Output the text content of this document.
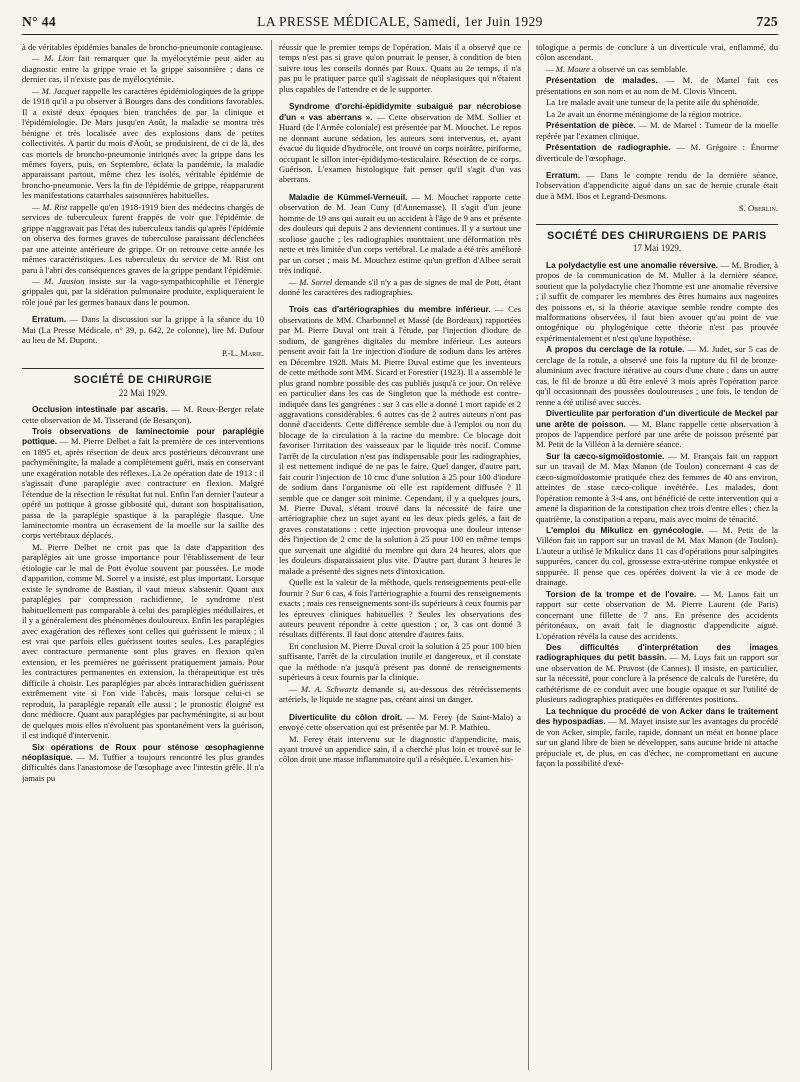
N° 44	LA PRESSE MÉDICALE, Samedi, 1er Juin 1929	725

à de véritables épidémies banales de broncho-pneumonie contagieuse.

— M. Lion fait remarquer que la myélocytémie peut aider au diagnostic entre la grippe vraie et la grippe saisonnière ; dans ce dernier cas, il n'existe pas de myélocytémie.

— M. Jacquet rappelle les caractères épidémiologiques de la grippe de 1918 qu'il a pu observer à Bourges dans des conditions favorables. Il a existé deux époques bien tranchées de par la clinique et l'épidémiologie. De Mars jusqu'en Août, la maladie se montra très bénigne et très localisée avec des explosions dans de petites collectivités. A partir du mois d'Août, se produisirent, de ci de là, des cas mortels de broncho-pneumonie intriqués avec la grippe dans les mêmes foyers, puis, en Septembre, éclata la pandémie, la maladie apparaissant partout, même chez les isolés, véritable épidémie de broncho-pneumonie. Vers la fin de l'épidémie de grippe, réapparurent les manifestations catarrhales saisonnières habituelles.

— M. Rist rappelle qu'en 1918-1919 bien des médecins chargés de services de tuberculeux furent frappés de voir que l'épidémie de grippe n'aggravait pas l'état des tuberculeux tandis qu'après l'épidémie on observa des formes graves de tuberculose paraissant déclenchées par une atteinte antérieure de grippe. Or on retrouve cette année les mêmes caractéristiques. Les tuberculeux du service de M. Rist ont paru à l'abri des conséquences graves de la grippe pendant l'épidémie.

— M. Jausion insiste sur la vago-sympathicophilie et l'énergie grippales qui, par la sidération pulmonaire produite, expliqueraient le rôle joué par les germes banaux dans le poumon.

Erratum. — Dans la discussion sur la grippe à la séance du 10 Mai (La Presse Médicale, n° 39, p. 642, 2e colonne), lire M. Dufour au lieu de M. Dupont.

P.-L. Marie.
SOCIÉTÉ DE CHIRURGIE
22 Mai 1929.

Occlusion intestinale par ascaris. — M. Roux-Berger relate cette observation de M. Tisserand (de Besançon).

Trois observations de laminectomie pour paraplégie pottique. — M. Pierre Delbet a fait la première de ces interventions en 1895 et, après résection de deux arcs postérieurs découvrant une pachyméningite, la malade a complètement guéri, mais en conservant une exagération notable des réflexes. La 2e opération date de 1913 : il s'agissait d'une paraplégie avec contracture en flexion. Malgré l'étendue de la résection le résultat fut nul. Enfin l'an dernier l'auteur a opéré un pottique à grosse gibbosité qui, durant son hospitalisation, passa de la paraplégie spastique à la paraplégie flasque. Une laminectomie montra un écrasement de la moelle sur la saillie des corps vertébraux déplacés.

M. Pierre Delbet ne croit pas que la date d'apparition des paraplégies ait une grosse importance pour l'établissement de leur étiologie car le mal de Pott évolue souvent par poussées. Le mode d'apparition, comme M. Sorrel y a insisté, est plus important. Lorsque existe le syndrome de Bastian, il vaut mieux s'abstenir. Quant aux paraplégies par compression rachidienne, le syndrome n'est habituellement pas comparable à celui des paraplégies médullaires, et il y a généralement des phénomènes douloureux. Enfin les paraplégies avec exagération des réflexes sont celles qui guérissent le mieux ; il est vrai que parfois elles guérissent toutes seules. Les paraplégies avec contracture permanente sont plus graves en flexion qu'en extension, et les premières ne guérissent pratiquement jamais. Pour les contractures permanentes en extension, la thérapeutique est très difficile à choisir. Les paraplégies par abcès intrarachidien guérissent extrêmement vite si l'on vide l'abcès, mais lorsque celui-ci se reproduit, la paraplégie reparaît elle aussi ; le pronostic éloigné est donc médiocre. Quant aux paraplégies par pachyméningite, si au bout de quelques mois elles n'évoluent pas spontanément vers la guérison, il est indiqué d'intervenir.

Six opérations de Roux pour sténose œsophagienne néoplasique. — M. Tuffier a toujours rencontré les plus grandes difficultés dans l'anastomose de l'œsophage avec l'intestin grêle. Il n'a jamais pu

réussir que le premier temps de l'opération. Mais il a observé que ce temps n'est pas si grave qu'on pourrait le penser, à condition de bien suivre tous les conseils donnés par Roux. Quant au 2e temps, il n'a pas pu le pratiquer parce qu'il s'agissait de néoplasiques qui n'étaient plus capables de l'attendre et de le supporter.

Syndrome d'orchi-épididymite subaiguë par nécrobiose d'un « vas aberrans ». — Cette observation de MM. Sollier et Huard (de l'Armée coloniale) est présentée par M. Mouchet. Le repos ne donnant aucune sédation, les auteurs sont intervenus, et, ayant évacué du liquide d'hydrocèle, ont trouvé un corps noirâtre, piriforme, occupant le sillon inter-épididymo-testiculaire. Résection de ce corps. Guérison. L'examen histologique fait penser qu'il s'agit d'un vas aberrans.

Maladie de Kümmel-Verneuil. — M. Mouchet rapporte cette observation de M. Jean Cuny (d'Annemasse). Il s'agit d'un jeune homme de 19 ans qui aurait eu un accident à l'âge de 9 ans et présente des douleurs qui depuis 2 ans deviennent continues. Il y a surtout une scoliose gauche ; les radiographies montraient une déformation très nette et très limitée d'un corps vertébral. Le malade a été très amélioré par un corset ; mais M. Mouchez estime qu'un greffon d'Albee serait très indiqué.

— M. Sorrel demande s'il n'y a pas de signes de mal de Pott, étant donné les caractères des radiographies.

Trois cas d'artériographies du membre inférieur. — Ces observations de MM. Charbonnel et Massé (de Bordeaux) rapportées par M. Pierre Duval ont trait à l'étude, par l'injection d'iodure de sodium, de gangrènes digitales du membre inférieur. Les auteurs pensent avoir fait la 1re injection d'iodure de sodium dans les artères en Décembre 1928. Mais M. Pierre Duval estime que les inventeurs de cette méthode sont MM. Sicard et Forestier (1923). Il a assemblé le plus grand nombre possible des cas publiés jusqu'à ce jour. On relève en particulier dans les cas de Singleton que la méthode est contre-indiquée dans les gangrènes : sur 3 cas elle a donné 1 mort rapide et 2 aggravations considérables. 6 autres cas de 2 autres auteurs n'ont pas donné d'accidents. Cette différence semble due à l'emploi ou non du blocage de la circulation à la racine du membre. Ce blocage doit favoriser l'irritation des vaisseaux par le liquide très nocif. Comme l'arrêt de la circulation n'est pas indispensable pour les radiographies, il est nettement indiqué de ne pas le faire. Quel danger, d'autre part, fait courir l'injection de 10 cmc d'une solution à 25 pour 100 d'iodure de sodium dans l'organisme où elle est rapidement diffusée ? Il semble que ce danger soit minime. Cependant, il y a quelques jours, M. Pierre Duval, s'étant trouvé dans la nécessité de faire une artériographie chez un sujet ayant eu les deux pieds gelés, a fait de graves constatations : cette injection provoqua une douleur intense dès l'injection de 2 cmc de la solution à 25 pour 100 en même temps que survenait une algidité du membre qui dura 24 heures, alors que les douleurs disparaissaient plus vite. D'autre part durant 3 heures le malade a présenté des signes nets d'intoxication.

Quelle est la valeur de la méthode, quels renseignements peut-elle fournir ? Sur 6 cas, 4 fois l'artériographie a fourni des renseignements exacts ; mais ces renseignements sont-ils supérieurs à ceux fournis par les épreuves cliniques habituelles ? Seules les observations des auteurs peuvent répondre à cette question ; or, 3 cas ont donné 3 résultats différents. Il faut donc attendre d'autres faits.

En conclusion M. Pierre Duval croit la solution à 25 pour 100 bien suffisante, l'arrêt de la circulation inutile et dangereux, et il constate que la méthode n'a jusqu'à présent pas donné de renseignements supérieurs à ceux fournis par la clinique.

— M. A. Schwartz demande si, au-dessous des rétrécissements artériels, le liquide ne stagne pas, créant ainsi un danger.

Diverticulite du côlon droit. — M. Ferey (de Saint-Malo) a envoyé cette observation qui est présentée par M. P. Mathieu.

M. Ferey était intervenu sur le diagnostic d'appendicite, mais, ayant trouvé un appendice sain, il a cherché plus loin et trouvé sur le côlon droit une masse inflammatoire qu'il a réséquée. L'examen his-

tologique a permis de conclure à un diverticule vrai, enflammé, du côlon ascendant.

— M. Moure a observé un cas semblable.

Présentation de malades. — M. de Martel fait ces présentations en son nom et au nom de M. Clovis Vincent.

La 1re malade avait une tumeur de la petite aile du sphénoïde.

La 2e avait un énorme méningiome de la région motrice.

Présentation de pièce. — M. de Martel : Tumeur de la moelle repérée par l'examen clinique.

Présentation de radiographie. — M. Grégoire : Énorme diverticule de l'œsophage.

Erratum. — Dans le compte rendu de la dernière séance, l'observation d'appendicite aiguë dans un sac de hernie crurale était due à MM. Ibos et Legrand-Desmons.

S. Oberlin.
SOCIÉTÉ DES CHIRURGIENS DE PARIS
17 Mai 1929.

La polydactylie est une anomalie réversive. — M. Brodier, à propos de la communication de M. Muller à la dernière séance, soutient que la polydactylie chez l'homme est une anomalie réversive ; il suffit de comparer les membres des êtres humains aux nageoires des poissons et, si la théorie atavique semble rendre compte des malformations observées, il faut bien avouer qu'au point de vue ontogénique ou phylogénique cette théorie n'est pas prouvée expérimentalement et n'est qu'une hypothèse.

A propos du cerclage de la rotule. — M. Judet, sur 5 cas de cerclage de la rotule, a observé une fois la rupture du fil de bronze-aluminium avec fracture itérative au cours d'une chute ; dans un autre cas, le fil de bronze a dû être enlevé 3 mois après l'opération parce qu'il occasionnait des poussées douloureuses ; une fois, le tendon de renne a été utilisé avec succès.

Diverticulite par perforation d'un diverticule de Meckel par une arête de poisson. — M. Blanc rappelle cette observation à propos de l'appendice perforé par une arête de poisson présenté par M. Petit de la Villéon à la dernière séance.

Sur la cæco-sigmoïdostomie. — M. Français fait un rapport sur un travail de M. Max Manon (de Toulon) concernant 4 cas de cæco-sigmoïdostomie pratiquée chez des femmes de 40 ans environ, atteintes de stase cæco-colique invétérée. Les malades, dont l'opération remonte à 3-4 ans, ont bénéficié de cette intervention qui a amené la disparition de la constipation chez trois d'entre elles ; chez la quatrième, la constipation a reparu, mais avec moins de ténacité.

L'emploi du Mikulicz en gynécologie. — M. Petit de la Villéon fait un rapport sur un travail de M. Max Manon (de Toulon). L'auteur a utilisé le Mikulicz dans 11 cas d'opérations pour salpingites suppurées, cancer du col, grossesse extra-utérine rompue enkystée et suppurée. Il pense que ces opérées doivent la vie à ce mode de drainage.

Torsion de la trompe et de l'ovaire. — M. Lanos fait un rapport sur cette observation de M. Pierre Laurent (de Paris) concernant une fillette de 7 ans. En présence des accidents péritonéaux, on avait fait le diagnostic d'appendicite aiguë. L'opération révéla la cause des accidents.

Des difficultés d'interprétation des images radiographiques du petit bassin. — M. Luys fait un rapport sur une observation de M. Pruvost (de Cannes). Il insiste, en particulier, sur la nécessité, pour conclure à la présence de calculs de l'uretère, du cathétérisme de ce conduit avec une bougie opaque et sur l'utilité de plusieurs radiographies pratiquées en différentes positions.

La technique du procédé de von Acker dans le traitement des hypospadias. — M. Mayet insiste sur les avantages du procédé de von Acker, simple, facile, rapide, donnant un méat en bonne place sur un gland libre de bien se développer, sans aucune bride ni attache prépuciale et, de plus, en cas d'échec, ne compromettant en aucune façon la possibilité d'exé-
